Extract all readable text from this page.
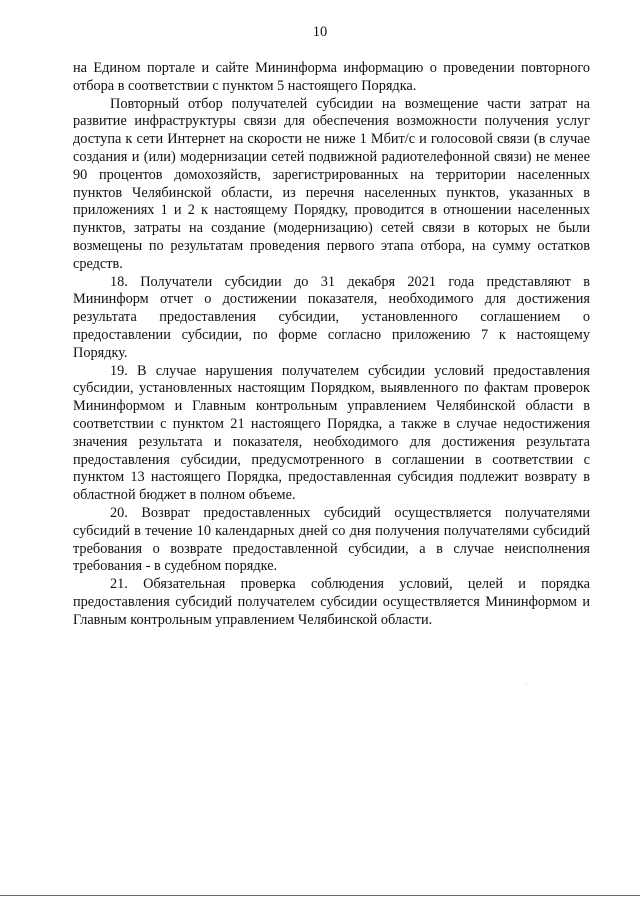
10

на Едином портале и сайте Мининформа информацию о проведении повторного отбора в соответствии с пунктом 5 настоящего Порядка.

Повторный отбор получателей субсидии на возмещение части затрат на развитие инфраструктуры связи для обеспечения возможности получения услуг доступа к сети Интернет на скорости не ниже 1 Мбит/с и голосовой связи (в случае создания и (или) модернизации сетей подвижной радиотелефонной связи) не менее 90 процентов домохозяйств, зарегистрированных на территории населенных пунктов Челябинской области, из перечня населенных пунктов, указанных в приложениях 1 и 2 к настоящему Порядку, проводится в отношении населенных пунктов, затраты на создание (модернизацию) сетей связи в которых не были возмещены по результатам проведения первого этапа отбора, на сумму остатков средств.

18. Получатели субсидии до 31 декабря 2021 года представляют в Мининформ отчет о достижении показателя, необходимого для достижения результата предоставления субсидии, установленного соглашением о предоставлении субсидии, по форме согласно приложению 7 к настоящему Порядку.

19. В случае нарушения получателем субсидии условий предоставления субсидии, установленных настоящим Порядком, выявленного по фактам проверок Мининформом и Главным контрольным управлением Челябинской области в соответствии с пунктом 21 настоящего Порядка, а также в случае недостижения значения результата и показателя, необходимого для достижения результата предоставления субсидии, предусмотренного в соглашении в соответствии с пунктом 13 настоящего Порядка, предоставленная субсидия подлежит возврату в областной бюджет в полном объеме.

20. Возврат предоставленных субсидий осуществляется получателями субсидий в течение 10 календарных дней со дня получения получателями субсидий требования о возврате предоставленной субсидии, а в случае неисполнения требования - в судебном порядке.

21. Обязательная проверка соблюдения условий, целей и порядка предоставления субсидий получателем субсидии осуществляется Мининформом и Главным контрольным управлением Челябинской области.
